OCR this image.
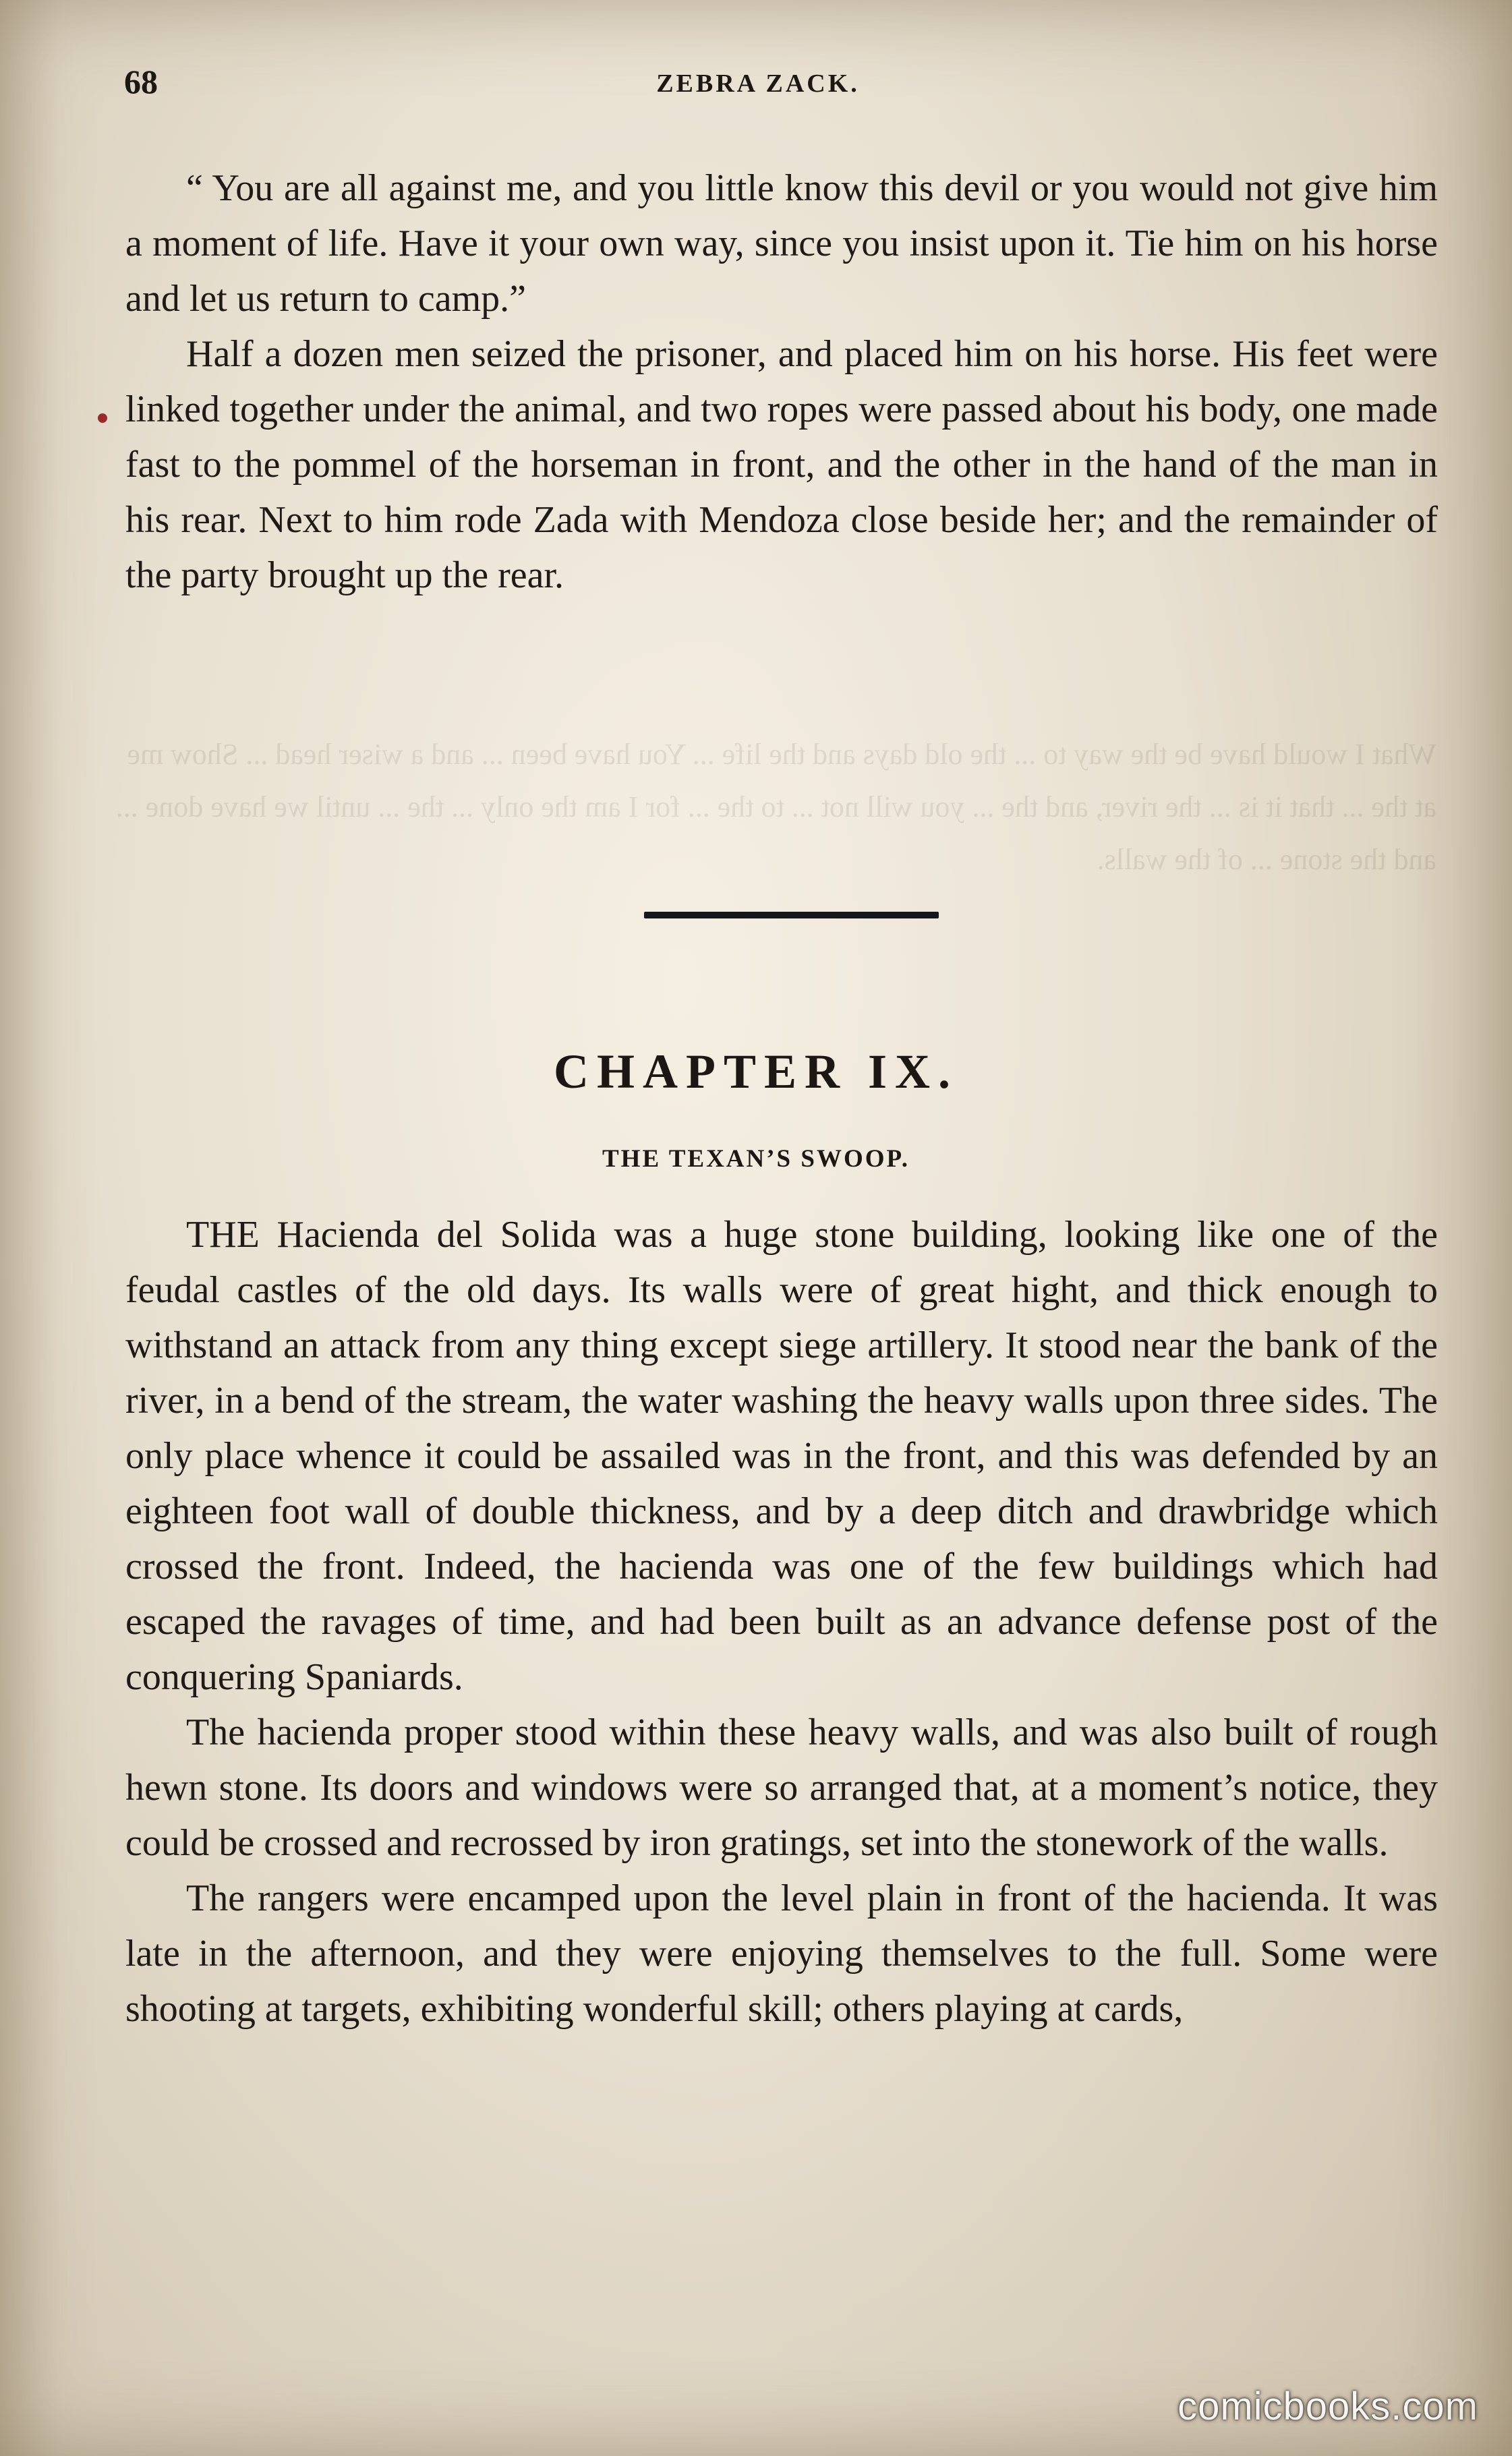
What I would have be the way to ... the old days and the life ... You have been ... and a wiser head ... Show me at the ... that it is ... the river, and the ... you will not ... to the ... for I am the only ... the ... until we have done ... and the stone ... of the walls.
68	ZEBRA ZACK.

“ You are all against me, and you little know this devil or you would not give him a moment of life. Have it your own way, since you insist upon it. Tie him on his horse and let us return to camp.”

Half a dozen men seized the prisoner, and placed him on his horse. His feet were linked together under the animal, and two ropes were passed about his body, one made fast to the pommel of the horseman in front, and the other in the hand of the man in his rear. Next to him rode Zada with Mendoza close beside her; and the remainder of the party brought up the rear.

CHAPTER IX.
THE TEXAN’S SWOOP.

THE Hacienda del Solida was a huge stone building, looking like one of the feudal castles of the old days. Its walls were of great hight, and thick enough to withstand an attack from any thing except siege artillery. It stood near the bank of the river, in a bend of the stream, the water washing the heavy walls upon three sides. The only place whence it could be assailed was in the front, and this was defended by an eighteen foot wall of double thickness, and by a deep ditch and drawbridge which crossed the front. Indeed, the hacienda was one of the few buildings which had escaped the ravages of time, and had been built as an advance defense post of the conquering Spaniards.

The hacienda proper stood within these heavy walls, and was also built of rough hewn stone. Its doors and windows were so arranged that, at a moment’s notice, they could be crossed and recrossed by iron gratings, set into the stonework of the walls.

The rangers were encamped upon the level plain in front of the hacienda. It was late in the afternoon, and they were enjoying themselves to the full. Some were shooting at targets, exhibiting wonderful skill; others playing at cards,

comicbooks.com
